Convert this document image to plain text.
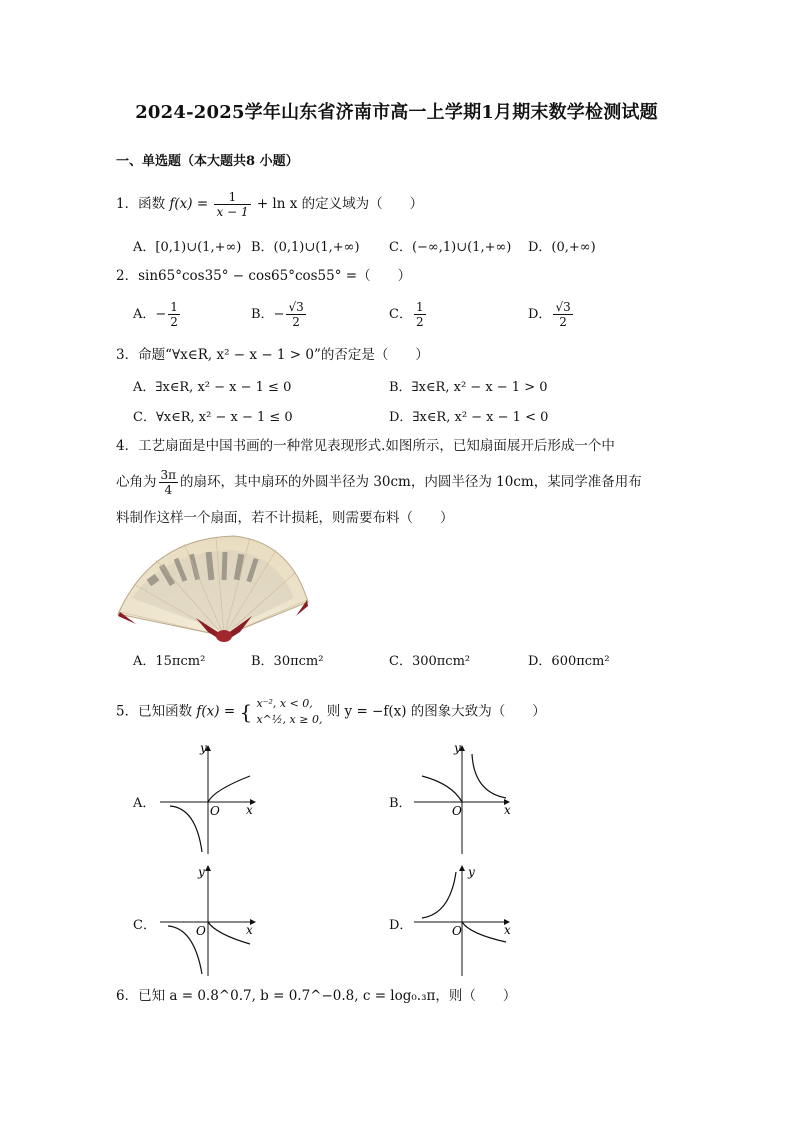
2024-2025学年山东省济南市高一上学期1月期末数学检测试题
一、单选题（本大题共8 小题）
1．函数 $f(x) = \frac{1}{x - 1} + \ln x$ 的定义域为（　　）
A．[0,1)∪(1,+∞) B．(0,1)∪(1,+∞) C．(−∞,1)∪(1,+∞) D．(0,+∞)
2．sin65°cos35° − cos65°cos55° =（　　）
A．− $\frac{1}{2}$	B．− $\frac{√3}{2}$	C． $\frac{1}{2}$	D． $\frac{√3}{2}$
3．命题“∀x∈R, x² − x − 1 > 0”的否定是（　　）
A．∃x∈R, x² − x − 1 ≤ 0	B．∃x∈R, x² − x − 1 > 0
C．∀x∈R, x² − x − 1 ≤ 0	D．∃x∈R, x² − x − 1 < 0
4．工艺扇面是中国书画的一种常见表现形式.如图所示，已知扇面展开后形成一个中
心角为 $\frac{3\pi}{4}$ 的扇环，其中扇环的外圆半径为 30cm，内圆半径为 10cm，某同学准备用布
料制作这样一个扇面，若不计损耗，则需要布料（　　）
A．15πcm²	B．30πcm²	C．300πcm²	D．600πcm²
5．已知函数 f(x) = { x⁻², x < 0,
x^½, x ≥ 0, 则 y = −f(x) 的图象大致为（　　）
A．
y
x
O	B．
y
x
O
C．
y
x
O	D．
y
x
O
6．已知 a = 0.8^0.7, b = 0.7^−0.8, c = log₀.₃π，则（　　）
